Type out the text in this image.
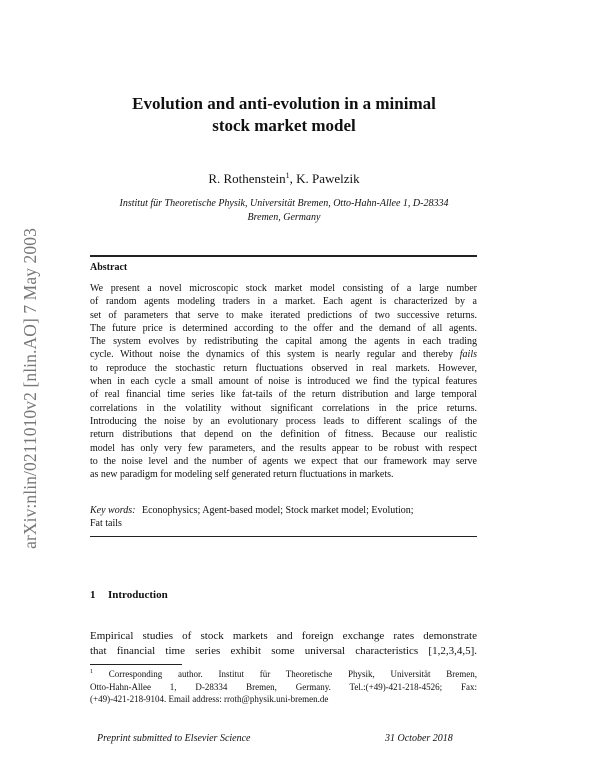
arXiv:nlin/0211010v2 [nlin.AO] 7 May 2003
Evolution and anti-evolution in a minimal
stock market model
R. Rothenstein$^1$, K. Pawelzik
Institut für Theoretische Physik, Universität Bremen, Otto-Hahn-Allee 1, D-28334
Bremen, Germany
Abstract
We present a novel microscopic stock market model consisting of a large number
of random agents modeling traders in a market. Each agent is characterized by a
set of parameters that serve to make iterated predictions of two successive returns.
The future price is determined according to the offer and the demand of all agents.
The system evolves by redistributing the capital among the agents in each trading
cycle. Without noise the dynamics of this system is nearly regular and thereby fails
to reproduce the stochastic return fluctuations observed in real markets. However,
when in each cycle a small amount of noise is introduced we find the typical features
of real financial time series like fat-tails of the return distribution and large temporal
correlations in the volatility without significant correlations in the price returns.
Introducing the noise by an evolutionary process leads to different scalings of the
return distributions that depend on the definition of fitness. Because our realistic
model has only very few parameters, and the results appear to be robust with respect
to the noise level and the number of agents we expect that our framework may serve
as new paradigm for modeling self generated return fluctuations in markets.
Key words: Econophysics; Agent-based model; Stock market model; Evolution;
Fat tails
1 Introduction
Empirical studies of stock markets and foreign exchange rates demonstrate
that financial time series exhibit some universal characteristics [1,2,3,4,5].
$^1$ Corresponding author. Institut für Theoretische Physik, Universität Bremen,
Otto-Hahn-Allee 1, D-28334 Bremen, Germany. Tel.:(+49)-421-218-4526; Fax:
(+49)-421-218-9104. Email address: rroth@physik.uni-bremen.de
Preprint submitted to Elsevier Science	31 October 2018
